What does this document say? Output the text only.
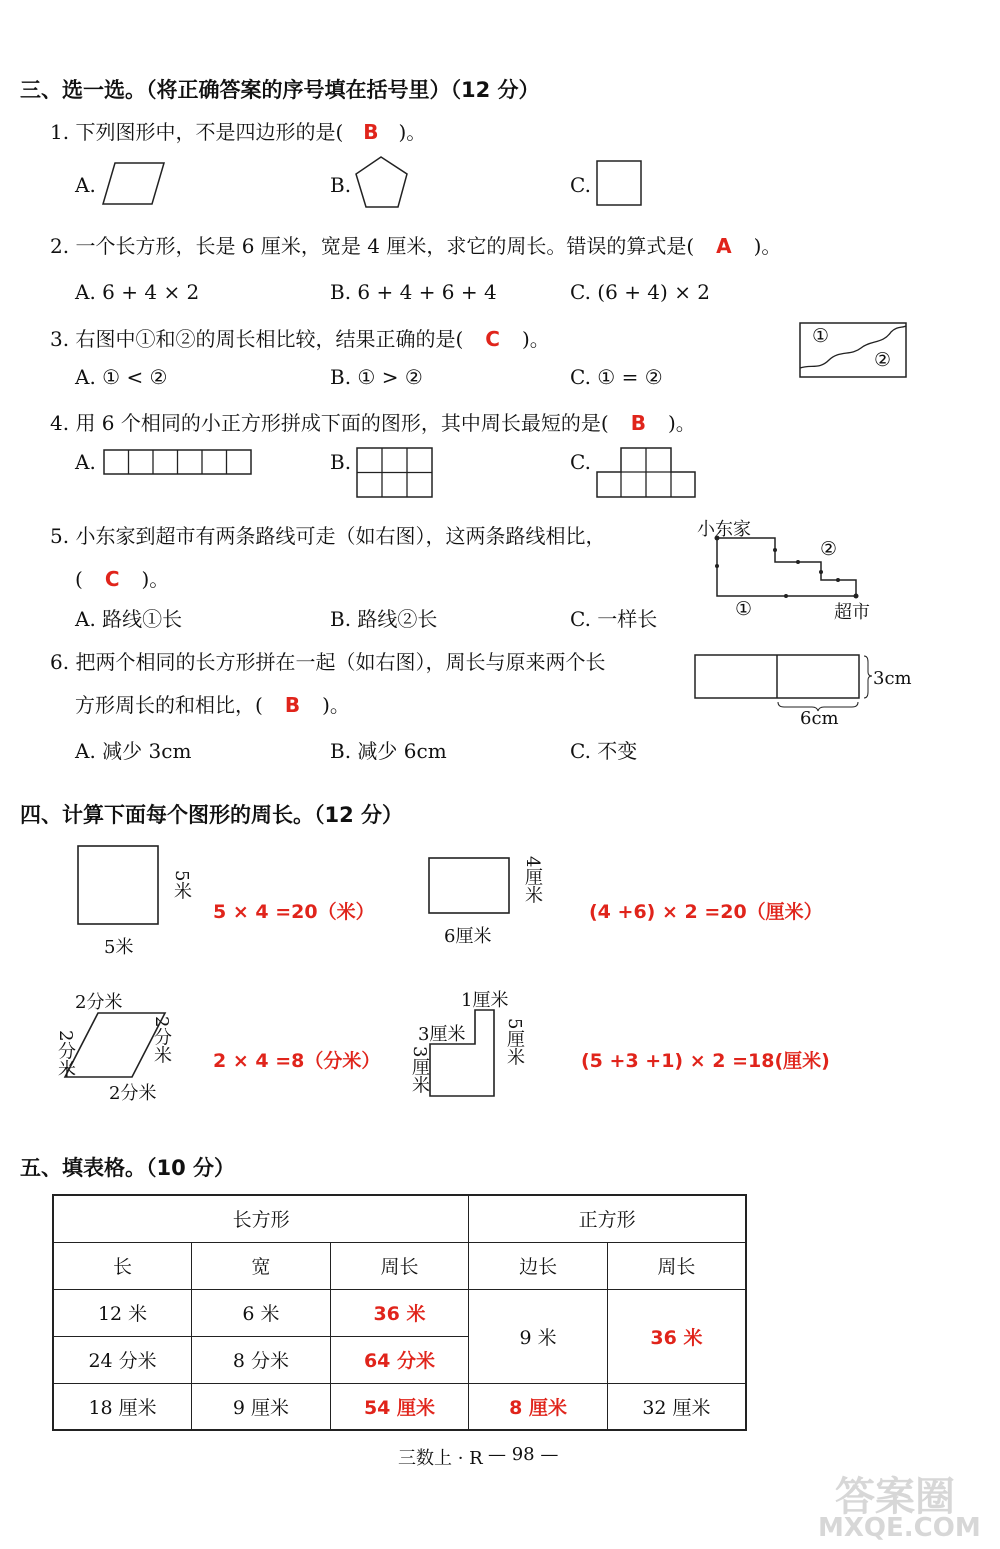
三、选一选。（将正确答案的序号填在括号里）（12 分）
1. 下列图形中，不是四边形的是( B )。
A.	B.	C.
2. 一个长方形，长是 6 厘米，宽是 4 厘米，求它的周长。错误的算式是( A )。
A. 6 + 4 × 2	B. 6 + 4 + 6 + 4	C. (6 + 4) × 2
3. 右图中①和②的周长相比较，结果正确的是( C )。
A. ① < ②	B. ① > ②	C. ① = ②
①
②
4. 用 6 个相同的小正方形拼成下面的图形，其中周长最短的是( B )。
A.	B.	C.
5. 小东家到超市有两条路线可走（如右图），这两条路线相比，
( C )。
A. 路线①长	B. 路线②长	C. 一样长
小东家
②
①	超市
6. 把两个相同的长方形拼在一起（如右图），周长与原来两个长
方形周长的和相比，( B )。
A. 减少 3cm	B. 减少 6cm	C. 不变
3cm
6cm
四、计算下面每个图形的周长。（12 分）
5米
5米
5 × 4 =20（米）
4厘米
6厘米
(4 +6) × 2 =20（厘米）
2分米
2分米	2分米
2分米
2 × 4 =8（分米）
1厘米
3厘米
3厘米
5厘米	(5 +3 +1) × 2 =18(厘米)
五、填表格。（10 分）
长方形			正方形	
长	宽	周长	边长	周长
12 米	6 米	36 米	9 米	36 米
24 分米	8 分米	64 分米		
18 厘米	9 厘米	54 厘米	8 厘米	32 厘米
三数上 · R — 98 —
答案圈
MXQE.COM
